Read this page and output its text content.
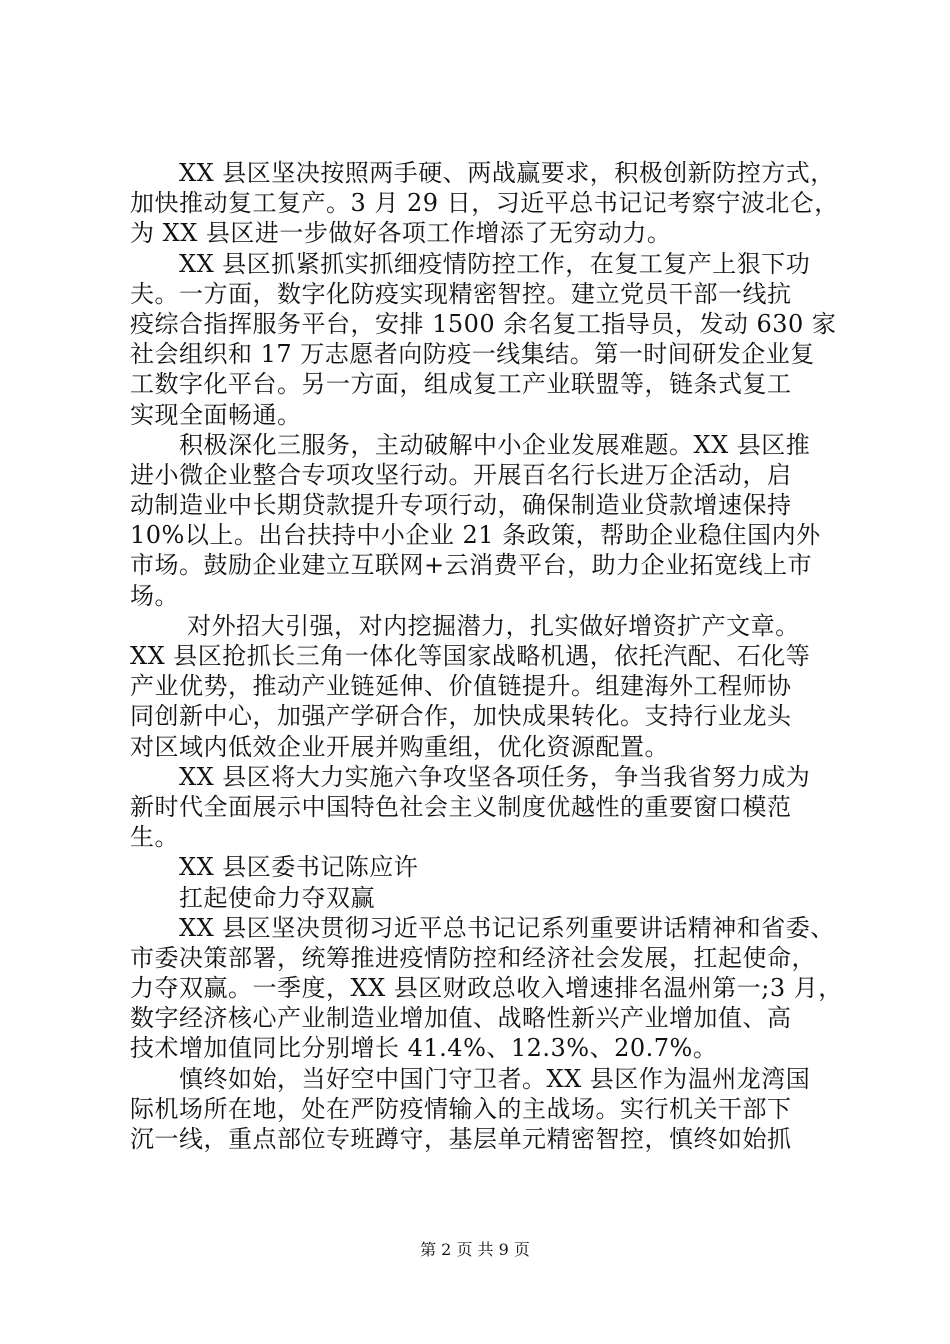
　　XX 县区坚决按照两手硬、两战赢要求，积极创新防控方式，
加快推动复工复产。3 月 29 日，习近平总书记记考察宁波北仑，
为 XX 县区进一步做好各项工作增添了无穷动力。
　　XX 县区抓紧抓实抓细疫情防控工作，在复工复产上狠下功
夫。一方面，数字化防疫实现精密智控。建立党员干部一线抗
疫综合指挥服务平台，安排 1500 余名复工指导员，发动 630 家
社会组织和 17 万志愿者向防疫一线集结。第一时间研发企业复
工数字化平台。另一方面，组成复工产业联盟等，链条式复工
实现全面畅通。
　　积极深化三服务，主动破解中小企业发展难题。XX 县区推
进小微企业整合专项攻坚行动。开展百名行长进万企活动，启
动制造业中长期贷款提升专项行动，确保制造业贷款增速保持
10%以上。出台扶持中小企业 21 条政策，帮助企业稳住国内外
市场。鼓励企业建立互联网+云消费平台，助力企业拓宽线上市
场。
　　 对外招大引强，对内挖掘潜力，扎实做好增资扩产文章。
XX 县区抢抓长三角一体化等国家战略机遇，依托汽配、石化等
产业优势，推动产业链延伸、价值链提升。组建海外工程师协
同创新中心，加强产学研合作，加快成果转化。支持行业龙头
对区域内低效企业开展并购重组，优化资源配置。
　　XX 县区将大力实施六争攻坚各项任务，争当我省努力成为
新时代全面展示中国特色社会主义制度优越性的重要窗口模范
生。
　　XX 县区委书记陈应许
　　扛起使命力夺双赢
　　XX 县区坚决贯彻习近平总书记记系列重要讲话精神和省委、
市委决策部署，统筹推进疫情防控和经济社会发展，扛起使命，
力夺双赢。一季度，XX 县区财政总收入增速排名温州第一;3 月，
数字经济核心产业制造业增加值、战略性新兴产业增加值、高
技术增加值同比分别增长 41.4%、12.3%、20.7%。
　　慎终如始，当好空中国门守卫者。XX 县区作为温州龙湾国
际机场所在地，处在严防疫情输入的主战场。实行机关干部下
沉一线，重点部位专班蹲守，基层单元精密智控，慎终如始抓
第 2 页 共 9 页
